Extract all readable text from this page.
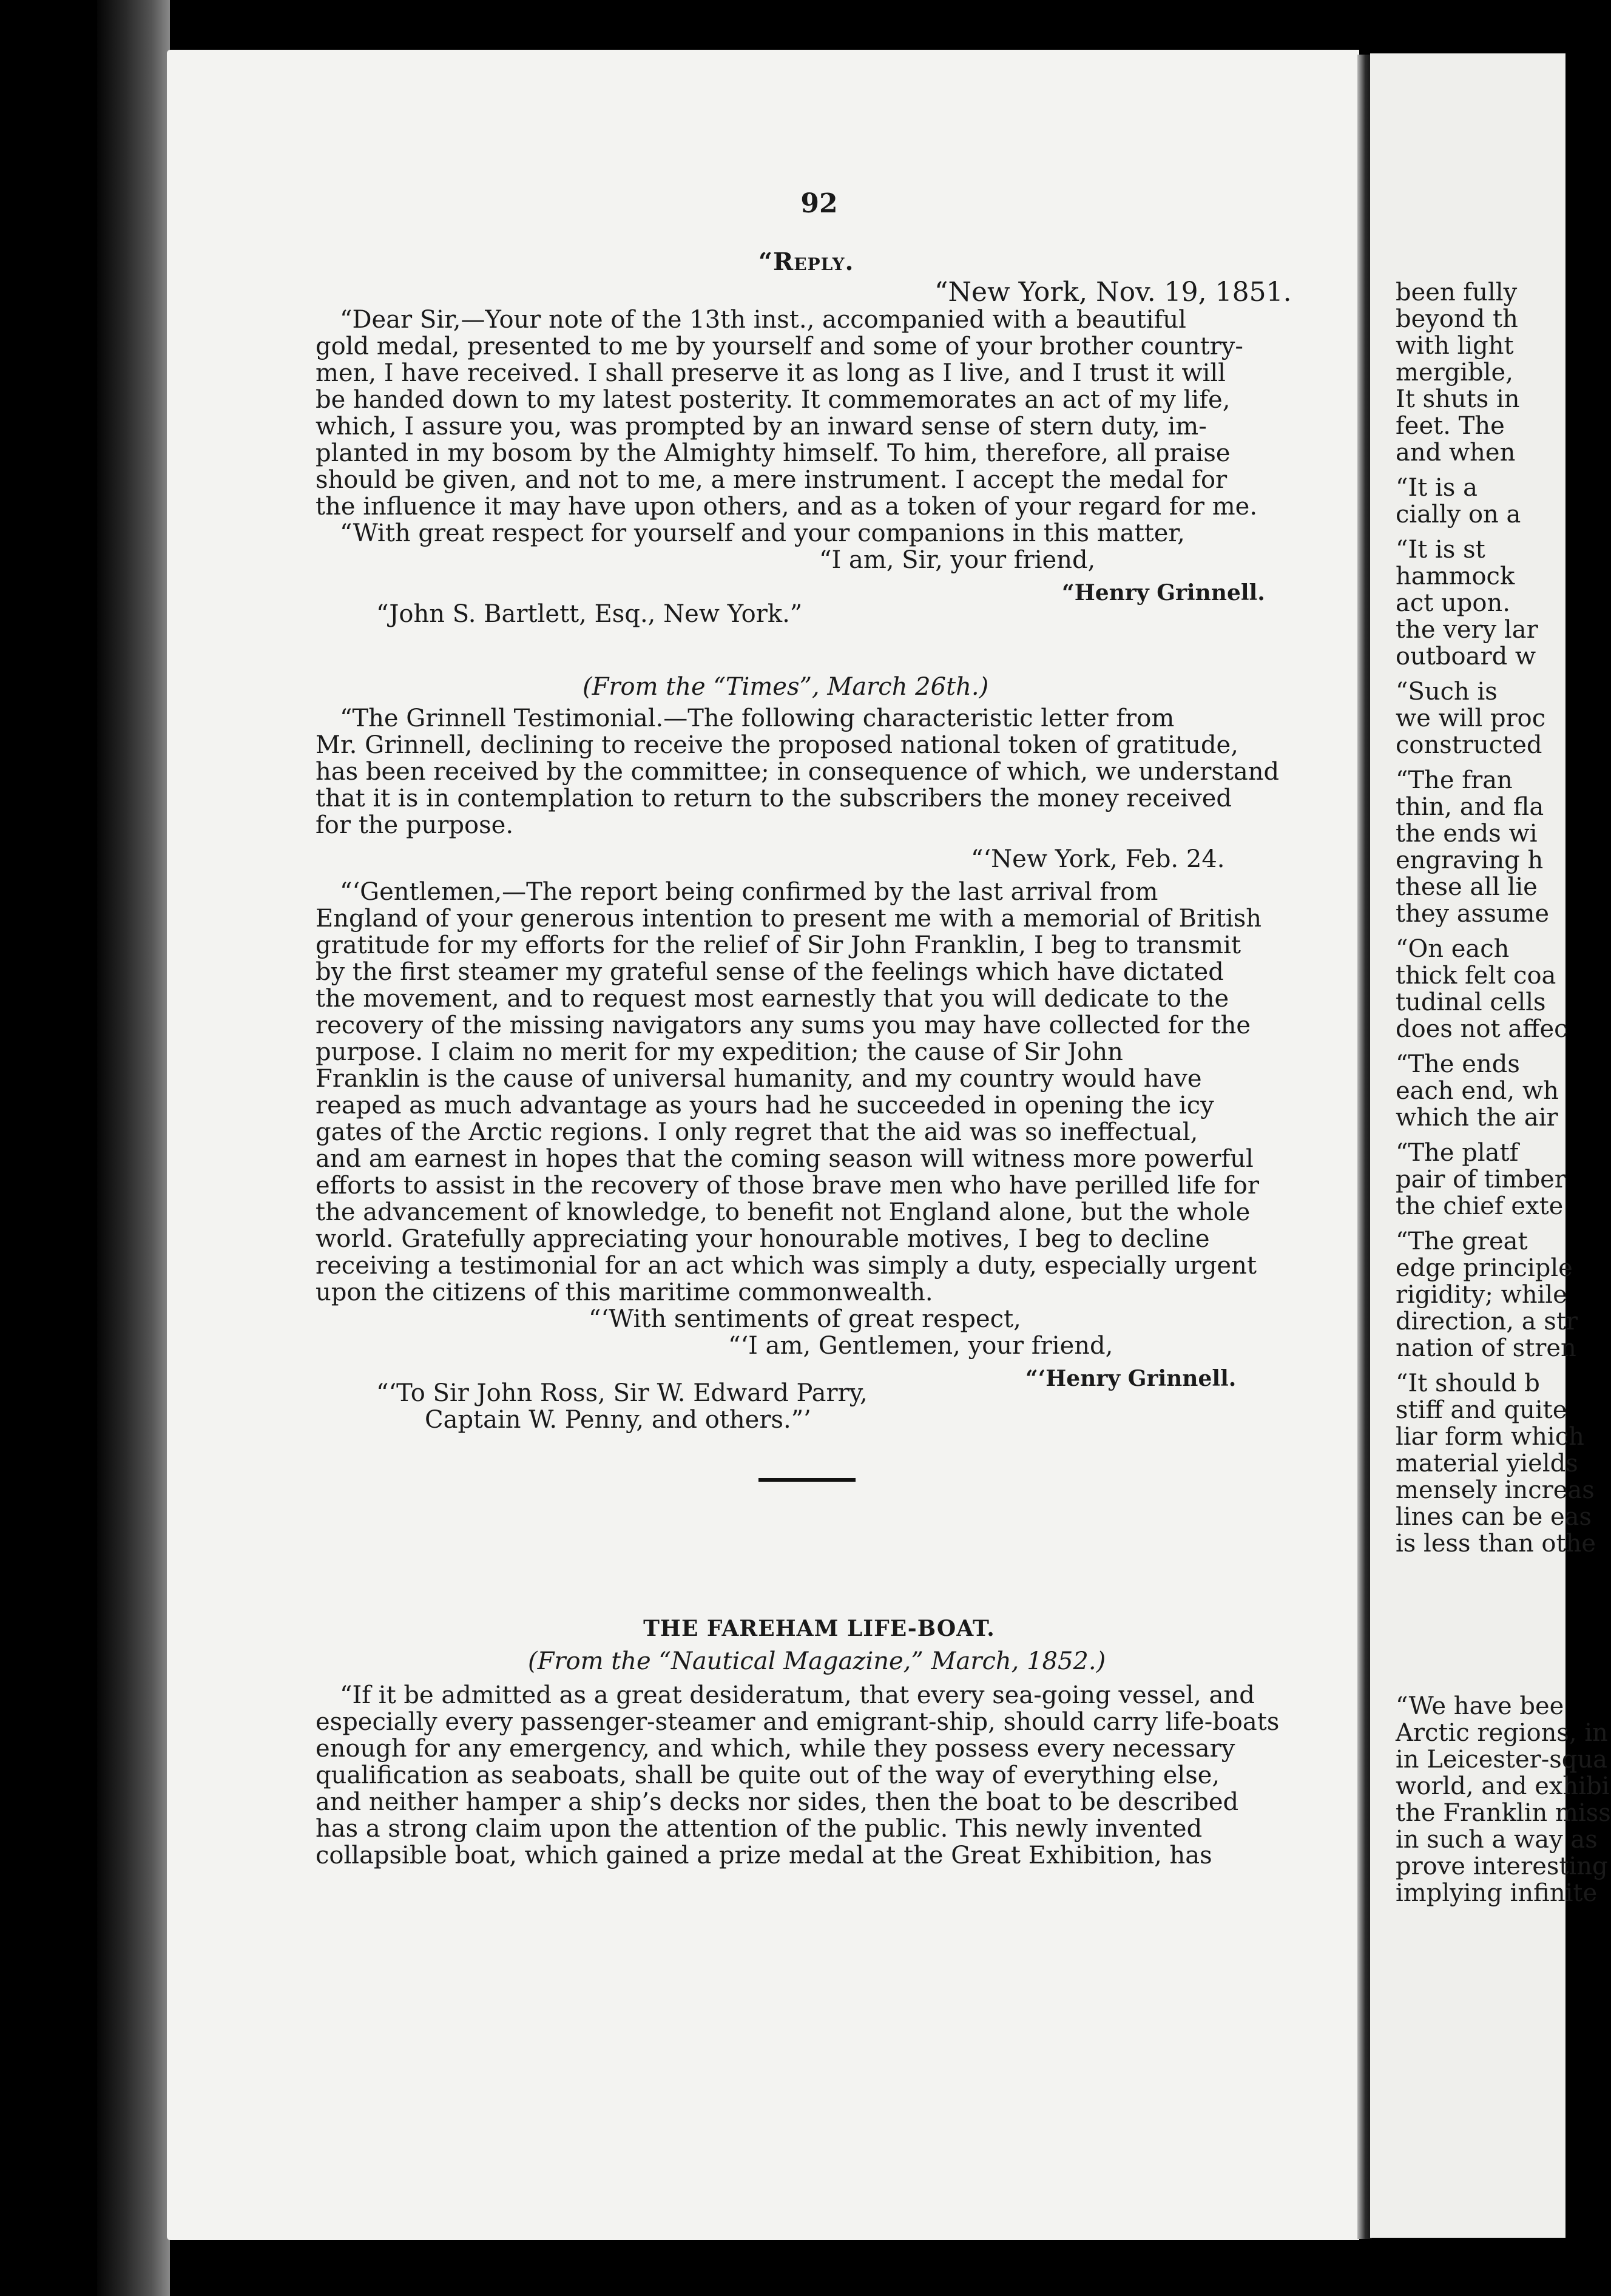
92
“Reply.
“New York, Nov. 19, 1851.
“Dear Sir,—Your note of the 13th inst., accompanied with a beautiful
gold medal, presented to me by yourself and some of your brother country-
men, I have received. I shall preserve it as long as I live, and I trust it will
be handed down to my latest posterity. It commemorates an act of my life,
which, I assure you, was prompted by an inward sense of stern duty, im-
planted in my bosom by the Almighty himself. To him, therefore, all praise
should be given, and not to me, a mere instrument. I accept the medal for
the influence it may have upon others, and as a token of your regard for me.
“With great respect for yourself and your companions in this matter,
“I am, Sir, your friend,
“Henry Grinnell.
“John S. Bartlett, Esq., New York.”
(From the “Times”, March 26th.)
“The Grinnell Testimonial.—The following characteristic letter from
Mr. Grinnell, declining to receive the proposed national token of gratitude,
has been received by the committee; in consequence of which, we understand
that it is in contemplation to return to the subscribers the money received
for the purpose.
“‘New York, Feb. 24.
“‘Gentlemen,—The report being confirmed by the last arrival from
England of your generous intention to present me with a memorial of British
gratitude for my efforts for the relief of Sir John Franklin, I beg to transmit
by the first steamer my grateful sense of the feelings which have dictated
the movement, and to request most earnestly that you will dedicate to the
recovery of the missing navigators any sums you may have collected for the
purpose. I claim no merit for my expedition; the cause of Sir John
Franklin is the cause of universal humanity, and my country would have
reaped as much advantage as yours had he succeeded in opening the icy
gates of the Arctic regions. I only regret that the aid was so ineffectual,
and am earnest in hopes that the coming season will witness more powerful
efforts to assist in the recovery of those brave men who have perilled life for
the advancement of knowledge, to benefit not England alone, but the whole
world. Gratefully appreciating your honourable motives, I beg to decline
receiving a testimonial for an act which was simply a duty, especially urgent
upon the citizens of this maritime commonwealth.
“‘With sentiments of great respect,
“‘I am, Gentlemen, your friend,
“‘Henry Grinnell.
“‘To Sir John Ross, Sir W. Edward Parry,
Captain W. Penny, and others.”’
THE FAREHAM LIFE-BOAT.
(From the “Nautical Magazine,” March, 1852.)
“If it be admitted as a great desideratum, that every sea-going vessel, and
especially every passenger-steamer and emigrant-ship, should carry life-boats
enough for any emergency, and which, while they possess every necessary
qualification as seaboats, shall be quite out of the way of everything else,
and neither hamper a ship’s decks nor sides, then the boat to be described
has a strong claim upon the attention of the public. This newly invented
collapsible boat, which gained a prize medal at the Great Exhibition, has
been fully
beyond th
with light
mergible,
It shuts in
feet. The
and when
“It is a
cially on a
“It is st
hammock
act upon.
the very lar
outboard w
“Such is
we will proc
constructed
“The fran
thin, and fla
the ends wi
engraving h
these all lie
they assume
“On each
thick felt coa
tudinal cells
does not affec
“The ends
each end, wh
which the air
“The platf
pair of timber
the chief exte
“The great
edge principle
rigidity; while
direction, a str
nation of stren
“It should b
stiff and quite
liar form which
material yields
mensely increas
lines can be eas
is less than othe
“We have bee
Arctic regions, in
in Leicester-squa
world, and exhibi
the Franklin miss
in such a way as
prove interesting
implying infinite
